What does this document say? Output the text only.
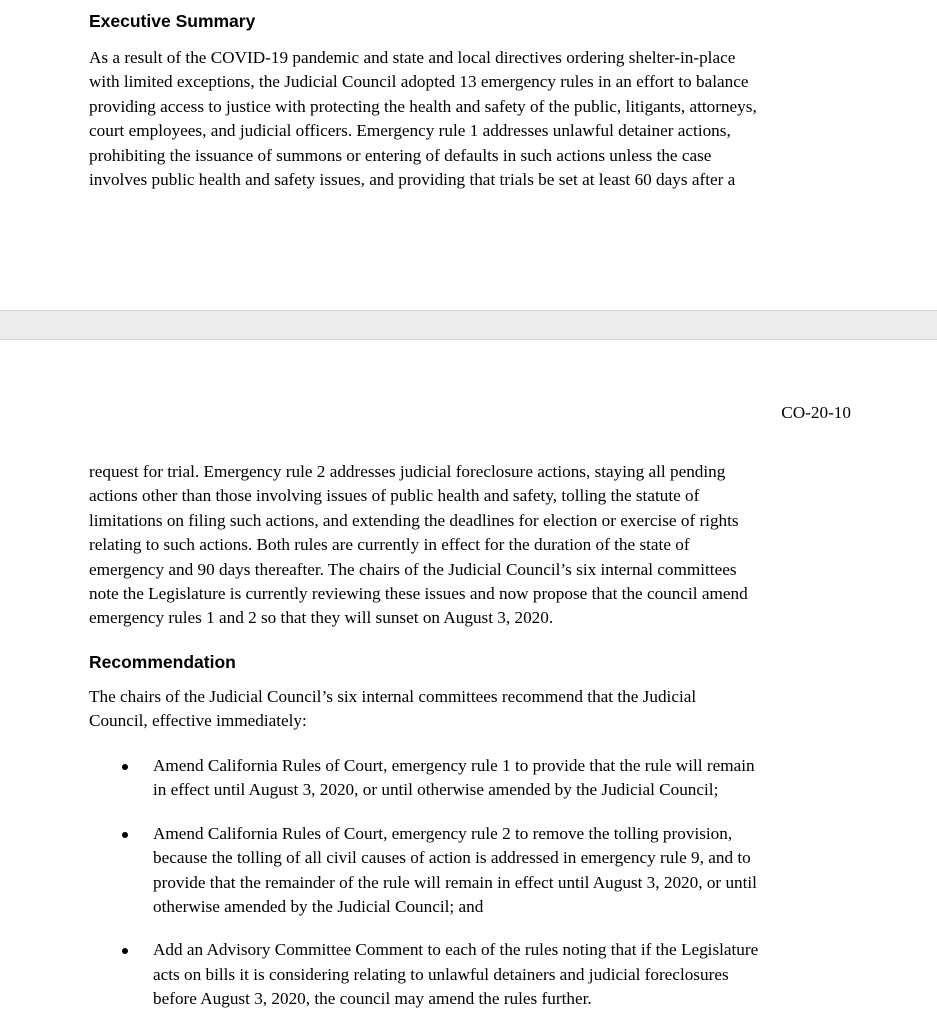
Executive Summary

As a result of the COVID-19 pandemic and state and local directives ordering shelter-in-place
with limited exceptions, the Judicial Council adopted 13 emergency rules in an effort to balance
providing access to justice with protecting the health and safety of the public, litigants, attorneys,
court employees, and judicial officers. Emergency rule 1 addresses unlawful detainer actions,
prohibiting the issuance of summons or entering of defaults in such actions unless the case
involves public health and safety issues, and providing that trials be set at least 60 days after a

CO-20-10

request for trial. Emergency rule 2 addresses judicial foreclosure actions, staying all pending
actions other than those involving issues of public health and safety, tolling the statute of
limitations on filing such actions, and extending the deadlines for election or exercise of rights
relating to such actions. Both rules are currently in effect for the duration of the state of
emergency and 90 days thereafter. The chairs of the Judicial Council’s six internal committees
note the Legislature is currently reviewing these issues and now propose that the council amend
emergency rules 1 and 2 so that they will sunset on August 3, 2020.

Recommendation

The chairs of the Judicial Council’s six internal committees recommend that the Judicial
Council, effective immediately:

Amend California Rules of Court, emergency rule 1 to provide that the rule will remain
in effect until August 3, 2020, or until otherwise amended by the Judicial Council;
Amend California Rules of Court, emergency rule 2 to remove the tolling provision,
because the tolling of all civil causes of action is addressed in emergency rule 9, and to
provide that the remainder of the rule will remain in effect until August 3, 2020, or until
otherwise amended by the Judicial Council; and
Add an Advisory Committee Comment to each of the rules noting that if the Legislature
acts on bills it is considering relating to unlawful detainers and judicial foreclosures
before August 3, 2020, the council may amend the rules further.
